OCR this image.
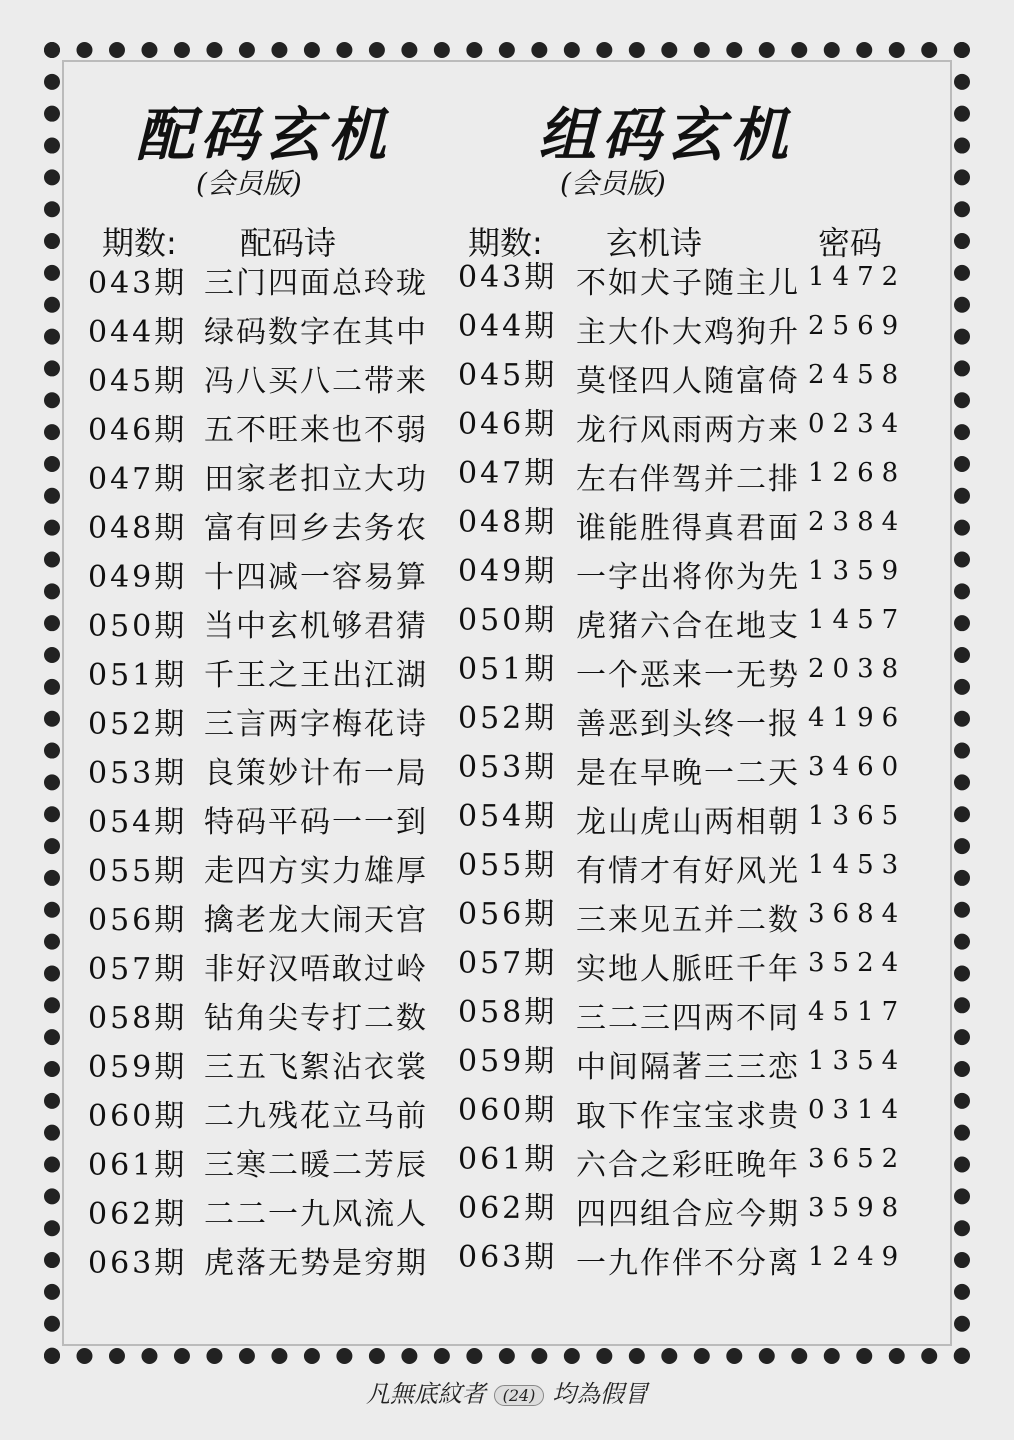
配码玄机	组码玄机
(会员版)	(会员版)
期数: 配码诗	期数: 玄机诗	密码
043期 三门四面总玲珑
044期 绿码数字在其中
045期 冯八买八二带来
046期 五不旺来也不弱
047期 田家老扣立大功
048期 富有回乡去务农
049期 十四减一容易算
050期 当中玄机够君猜
051期 千王之王出江湖
052期 三言两字梅花诗
053期 良策妙计布一局
054期 特码平码一一到
055期 走四方实力雄厚
056期 擒老龙大闹天宫
057期 非好汉唔敢过岭
058期 钻角尖专打二数
059期 三五飞絮沾衣裳
060期 二九残花立马前
061期 三寒二暖二芳辰
062期 二二一九风流人
063期 虎落无势是穷期
043期 不如犬子随主儿 1472
044期 主大仆大鸡狗升 2569
045期 莫怪四人随富倚 2458
046期 龙行风雨两方来 0234
047期 左右伴驾并二排 1268
048期 谁能胜得真君面 2384
049期 一字出将你为先 1359
050期 虎猪六合在地支 1457
051期 一个恶来一无势 2038
052期 善恶到头终一报 4196
053期 是在早晚一二天 3460
054期 龙山虎山两相朝 1365
055期 有情才有好风光 1453
056期 三来见五并二数 3684
057期 实地人脈旺千年 3524
058期 三二三四两不同 4517
059期 中间隔著三三恋 1354
060期 取下作宝宝求贵 0314
061期 六合之彩旺晚年 3652
062期 四四组合应今期 3598
063期 一九作伴不分离 1249
凡無底紋者 (24) 均為假冒
